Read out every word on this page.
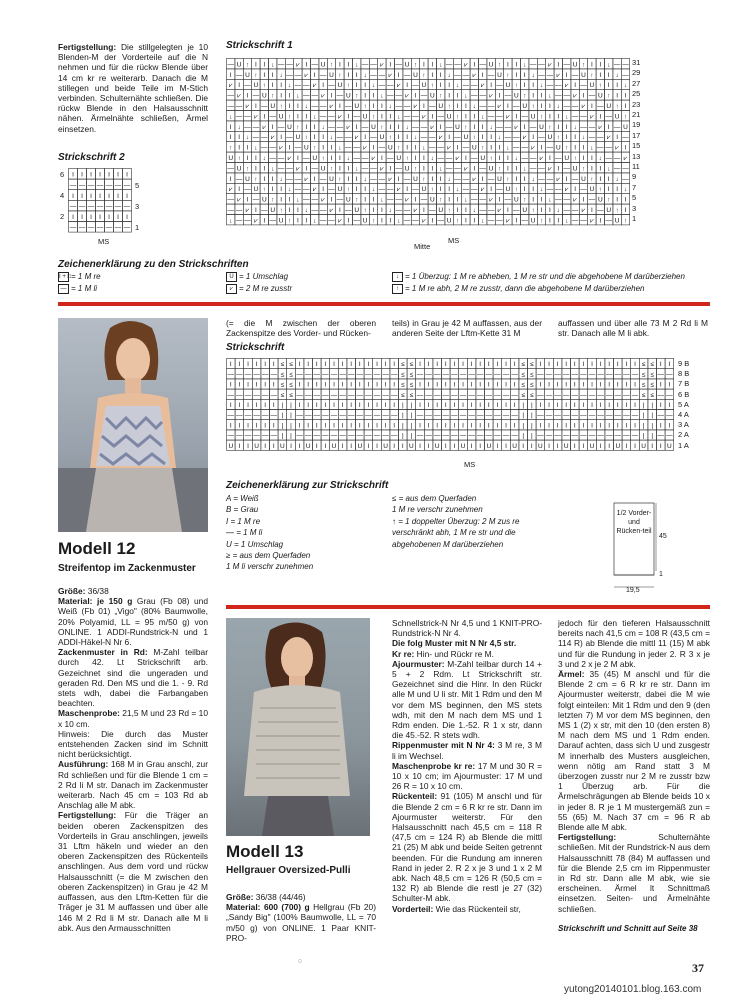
Fertigstellung: Die stillgelegten je 10 Blenden-M der Vorderteile auf die N nehmen und für die rückw Blende über 14 cm kr re weiterarb. Danach die M stillegen und beide Teile im M-Stich verbinden. Schulternähte schließen. Die rückw Blende in den Halsausschnitt nähen. Ärmelnähte schließen, Ärmel einsetzen.
Strickschrift 1
— U ↑ I I ↓ — — ⩗ I — U ↑ I I ↓ — — ⩗ I — U ↑ I I ↓ — — ⩗ I — U ↑ I I ↓ — — ⩗ I — U ↑ I I ↓ — —
I — U ↑ I I ↓ — — ⩗ I — U ↑ I I ↓ — — ⩗ I — U ↑ I I ↓ — — ⩗ I — U ↑ I I ↓ — — ⩗ I — U ↑ I I ↓ —
⩗ I — U ↑ I I ↓ — — ⩗ I — U ↑ I I ↓ — — ⩗ I — U ↑ I I ↓ — — ⩗ I — U ↑ I I ↓ — — ⩗ I — U ↑ I I ↓
— ⩗ I — U ↑ I I ↓ — — ⩗ I — U ↑ I I ↓ — — ⩗ I — U ↑ I I ↓ — — ⩗ I — U ↑ I I ↓ — — ⩗ I — U ↑ I I
— — ⩗ I — U ↑ I I ↓ — — ⩗ I — U ↑ I I ↓ — — ⩗ I — U ↑ I I ↓ — — ⩗ I — U ↑ I I ↓ — — ⩗ I — U ↑ I
↓ — — ⩗ I — U ↑ I I ↓ — — ⩗ I — U ↑ I I ↓ — — ⩗ I — U ↑ I I ↓ — — ⩗ I — U ↑ I I ↓ — — ⩗ I — U ↑
I ↓ — — ⩗ I — U ↑ I I ↓ — — ⩗ I — U ↑ I I ↓ — — ⩗ I — U ↑ I I ↓ — — ⩗ I — U ↑ I I ↓ — — ⩗ I — U
I I ↓ — — ⩗ I — U ↑ I I ↓ — — ⩗ I — U ↑ I I ↓ — — ⩗ I — U ↑ I I ↓ — — ⩗ I — U ↑ I I ↓ — — ⩗ I —
↑ I I ↓ — — ⩗ I — U ↑ I I ↓ — — ⩗ I — U ↑ I I ↓ — — ⩗ I — U ↑ I I ↓ — — ⩗ I — U ↑ I I ↓ — — ⩗ I
U ↑ I I ↓ — — ⩗ I — U ↑ I I ↓ — — ⩗ I — U ↑ I I ↓ — — ⩗ I — U ↑ I I ↓ — — ⩗ I — U ↑ I I ↓ — — ⩗
— U ↑ I I ↓ — — ⩗ I — U ↑ I I ↓ — — ⩗ I — U ↑ I I ↓ — — ⩗ I — U ↑ I I ↓ — — ⩗ I — U ↑ I I ↓ — —
I — U ↑ I I ↓ — — ⩗ I — U ↑ I I ↓ — — ⩗ I — U ↑ I I ↓ — — ⩗ I — U ↑ I I ↓ — — ⩗ I — U ↑ I I ↓ —
⩗ I — U ↑ I I ↓ — — ⩗ I — U ↑ I I ↓ — — ⩗ I — U ↑ I I ↓ — — ⩗ I — U ↑ I I ↓ — — ⩗ I — U ↑ I I ↓
— ⩗ I — U ↑ I I ↓ — — ⩗ I — U ↑ I I ↓ — — ⩗ I — U ↑ I I ↓ — — ⩗ I — U ↑ I I ↓ — — ⩗ I — U ↑ I I
— — ⩗ I — U ↑ I I ↓ — — ⩗ I — U ↑ I I ↓ — — ⩗ I — U ↑ I I ↓ — — ⩗ I — U ↑ I I ↓ — — ⩗ I — U ↑ I
↓ — — ⩗ I — U ↑ I I ↓ — — ⩗ I — U ↑ I I ↓ — — ⩗ I — U ↑ I I ↓ — — ⩗ I — U ↑ I I ↓ — — ⩗ I — U ↑
31
29
27
25
23
21
19
17
15
13
11
9
7
5
3
1
Mitte
MS
Strickschrift 2
I I I I I I I
— — — — — — —
I I I I I I I
— — — — — — —
I I I I I I I
— — — — — — —
6
4
2
5
3
1
MS
Zeichenerklärung zu den Strickschriften
I + □= 1 M re
— = 1 M li
U = 1 Umschlag
⩗ = 2 M re zusstr
↓ = 1 Überzug: 1 M re abheben, 1 M re str und die abgehobene M darüberziehen
↑ = 1 M re abh, 2 M re zusstr, dann die abgehobene M darüberziehen
(= die M zwischen der oberen Zackenspitze des Vorder- und Rücken-
teils) in Grau je 42 M auffassen, aus der anderen Seite der Lftm-Kette 31 M
auffassen und über alle 73 M 2 Rd li M str. Danach alle M li abk.
Strickschrift
I I I I I I ≤ ≤ I I I I I I I I I I I I ≤ ≤ I I I I I I I I I I I I ≤ ≤ I I I I I I I I I I I I ≤ ≤ I I
— — — — — — ≤ ≤ — — — — — — — — — — — — ≤ ≤ — — — — — — — — — — — — ≤ ≤ — — — — — — — — — — — — ≤ ≤ — —
I I I I I I ≤ ≤ I I I I I I I I I I I I ≤ ≤ I I I I I I I I I I I I ≤ ≤ I I I I I I I I I I I I ≤ ≤ I I
— — — — — — ≤ ≤ — — — — — — — — — — — — ≤ ≤ — — — — — — — — — — — — ≤ ≤ — — — — — — — — — — — — ≤ ≤ — —
I I I I I I | | I I I I I I I I I I I I | | I I I I I I I I I I I I | | I I I I I I I I I I I I | | I I
— — — — — — | | — — — — — — — — — — — — | | — — — — — — — — — — — — | | — — — — — — — — — — — — | | — —
I I I I I I | | I I I I I I I I I I I I | | I I I I I I I I I I I I | | I I I I I I I I I I I I | | I I
— — — — — — | | — — — — — — — — — — — — | | — — — — — — — — — — — — | | — — — — — — — — — — — — | | — —
U I I U I I U I I U I I U I I U I I U I I U I I U I I U I I U I I U I I U I I U I I U I I U I I U I I U
9 B
8 B
7 B
6 B
5 A
4 A
3 A
2 A
1 A
MS
Zeichenerklärung zur Strickschrift
A = Weiß
B = Grau
I = 1 M re
— = 1 M li
U = 1 Umschlag
≥ = aus dem Querfaden
1 M li verschr zunehmen
≤ = aus dem Querfaden
1 M re verschr zunehmen
↑ = 1 doppelter Überzug: 2 M zus re
verschränkt abh, 1 M re str und die
abgehobenen M darüberziehen
1/2 Vorder- und Rücken-teil
45
1
19,5
Modell 12
Streifentop im Zackenmuster
Größe: 36/38
Material: je 150 g Grau (Fb 08) und Weiß (Fb 01) „Vigo" (80% Baumwolle, 20% Polyamid, LL = 95 m/50 g) von ONLINE. 1 ADDI-Rundstrick-N und 1 ADDI-Häkel-N Nr 6.
Zackenmuster in Rd: M-Zahl teilbar durch 42. Lt Strickschrift arb. Gezeichnet sind die ungeraden und geraden Rd. Den MS und die 1. - 9. Rd stets wdh, dabei die Farbangaben beachten.
Maschenprobe: 21,5 M und 23 Rd = 10 x 10 cm.
Hinweis: Die durch das Muster entstehenden Zacken sind im Schnitt nicht berücksichtigt.
Ausführung: 168 M in Grau anschl, zur Rd schließen und für die Blende 1 cm = 2 Rd li M str. Danach im Zackenmuster weiterarb. Nach 45 cm = 103 Rd ab Anschlag alle M abk.
Fertigstellung: Für die Träger an beiden oberen Zackenspitzen des Vorderteils in Grau anschlingen, jeweils 31 Lftm häkeln und wieder an den oberen Zackenspitzen des Rückenteils anschlingen. Aus dem vord und rückw Halsausschnitt (= die M zwischen den oberen Zackenspitzen) in Grau je 42 M auffassen, aus den Lftm-Ketten für die Träger je 31 M auffassen und über alle 146 M 2 Rd li M str. Danach alle M li abk. Aus den Armausschnitten
Modell 13
Hellgrauer Oversized-Pulli
Größe: 36/38 (44/46)
Material: 600 (700) g Hellgrau (Fb 20) „Sandy Big" (100% Baumwolle, LL = 70 m/50 g) von ONLINE. 1 Paar KNIT-PRO-
Schnellstrick-N Nr 4,5 und 1 KNIT-PRO-Rundstrick-N Nr 4.
Die folg Muster mit N Nr 4,5 str.
Kr re: Hin- und Rückr re M.
Ajourmuster: M-Zahl teilbar durch 14 + 5 + 2 Rdm. Lt Strickschrift str. Gezeichnet sind die Hinr. In den Rückr alle M und U li str. Mit 1 Rdm und den M vor dem MS beginnen, den MS stets wdh, mit den M nach dem MS und 1 Rdm enden. Die 1.-52. R 1 x str, dann die 45.-52. R stets wdh.
Rippenmuster mit N Nr 4: 3 M re, 3 M li im Wechsel.
Maschenprobe kr re: 17 M und 30 R = 10 x 10 cm; im Ajourmuster: 17 M und 26 R = 10 x 10 cm.
Rückenteil: 91 (105) M anschl und für die Blende 2 cm = 6 R kr re str. Dann im Ajourmuster weiterstr. Für den Halsausschnitt nach 45,5 cm = 118 R (47,5 cm = 124 R) ab Blende die mittl 21 (25) M abk und beide Seiten getrennt beenden. Für die Rundung am inneren Rand in jeder 2. R 2 x je 3 und 1 x 2 M abk. Nach 48,5 cm = 126 R (50,5 cm = 132 R) ab Blende die restl je 27 (32) Schulter-M abk.
Vorderteil: Wie das Rückenteil str,
jedoch für den tieferen Halsausschnitt bereits nach 41,5 cm = 108 R (43,5 cm = 114 R) ab Blende die mittl 11 (15) M abk und für die Rundung in jeder 2. R 3 x je 3 und 2 x je 2 M abk.
Ärmel: 35 (45) M anschl und für die Blende 2 cm = 6 R kr re str. Dann im Ajourmuster weiterstr, dabei die M wie folgt einteilen: Mit 1 Rdm und den 9 (den letzten 7) M vor dem MS beginnen, den MS 1 (2) x str, mit den 10 (den ersten 8) M nach dem MS und 1 Rdm enden. Darauf achten, dass sich U und zusgestr M innerhalb des Musters ausgleichen, wenn nötig am Rand statt 3 M überzogen zusstr nur 2 M re zusstr bzw 1 Überzug arb. Für die Ärmelschrägungen ab Blende beids 10 x in jeder 8. R je 1 M mustergemäß zun = 55 (65) M. Nach 37 cm = 96 R ab Blende alle M abk.
Fertigstellung: Schulternähte schließen. Mit der Rundstrick-N aus dem Halsausschnitt 78 (84) M auffassen und für die Blende 2,5 cm im Rippenmuster in Rd str. Dann alle M abk, wie sie erscheinen. Ärmel lt Schnittmaß einsetzen. Seiten- und Ärmelnähte schließen.
Strickschrift und Schnitt auf Seite 38
o	37
yutong20140101.blog.163.com
